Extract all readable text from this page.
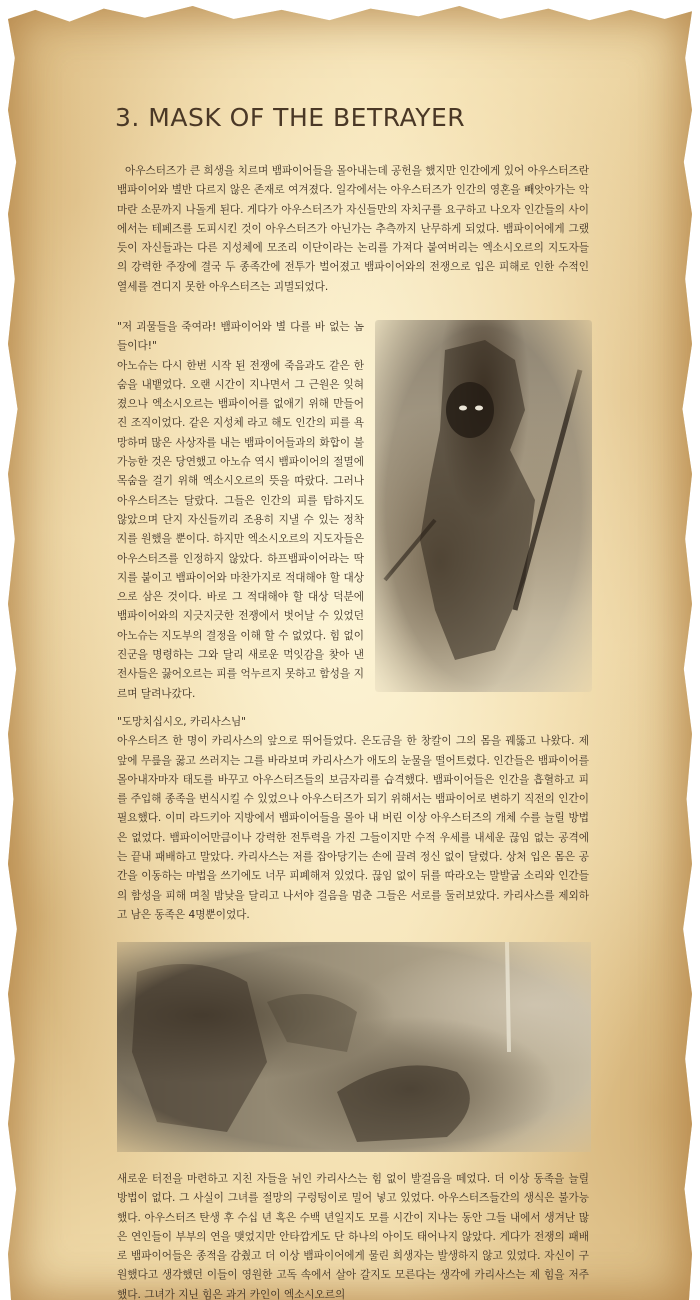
3. MASK OF THE BETRAYER

아우스터즈가 큰 희생을 치르며 뱀파이어들을 몰아내는데 공헌을 했지만 인간에게 있어 아우스터즈란 뱀파이어와 별반 다르지 않은 존재로 여겨졌다. 일각에서는 아우스터즈가 인간의 영혼을 빼앗아가는 악마란 소문까지 나돌게 된다. 게다가 아우스터즈가 자신들만의 자치구를 요구하고 나오자 인간들의 사이에서는 테페즈를 도피시킨 것이 아우스터즈가 아닌가는 추측까지 난무하게 되었다. 뱀파이어에게 그랬듯이 자신들과는 다른 지성체에 모조리 이단이라는 논리를 가져다 붙여버리는 엑소시오르의 지도자들의 강력한 주장에 결국 두 종족간에 전투가 벌어졌고 뱀파이어와의 전쟁으로 입은 피해로 인한 수적인 열세를 견디지 못한 아우스터즈는 괴멸되었다.

"저 괴물들을 죽여라! 뱀파이어와 별 다를 바 없는 놈들이다!"
아노슈는 다시 한번 시작 된 전쟁에 죽음과도 같은 한숨을 내뱉었다. 오랜 시간이 지나면서 그 근원은 잊혀졌으나 엑소시오르는 뱀파이어를 없애기 위해 만들어진 조직이었다. 같은 지성체 라고 해도 인간의 피를 욕망하며 많은 사상자를 내는 뱀파이어들과의 화합이 불가능한 것은 당연했고 아노슈 역시 뱀파이어의 절멸에 목숨을 걸기 위해 엑소시오르의 뜻을 따랐다. 그러나 아우스터즈는 달랐다. 그들은 인간의 피를 탐하지도 않았으며 단지 자신들끼리 조용히 지낼 수 있는 정착지를 원했을 뿐이다. 하지만 엑소시오르의 지도자들은 아우스터즈를 인정하지 않았다. 하프뱀파이어라는 딱지를 붙이고 뱀파이어와 마찬가지로 적대해야 할 대상으로 삼은 것이다. 바로 그 적대해야 할 대상 덕분에 뱀파이어와의 지긋지긋한 전쟁에서 벗어날 수 있었던 아노슈는 지도부의 결정을 이해 할 수 없었다. 힘 없이 진군을 명령하는 그와 달리 새로운 먹잇감을 찾아 낸 전사들은 끓어오르는 피를 억누르지 못하고 함성을 지르며 달려나갔다.
"도망치십시오, 카리사스님"
아우스터즈 한 명이 카리사스의 앞으로 뛰어들었다. 은도금을 한 창칼이 그의 몸을 꿰뚫고 나왔다. 제 앞에 무릎을 꿇고 쓰러지는 그를 바라보며 카리사스가 애도의 눈물을 떨어트렸다. 인간들은 뱀파이어를 몰아내자마자 태도를 바꾸고 아우스터즈들의 보금자리를 습격했다. 뱀파이어들은 인간을 흡혈하고 피를 주입해 종족을 번식시킬 수 있었으나 아우스터즈가 되기 위해서는 뱀파이어로 변하기 직전의 인간이 필요했다. 이미 라드키아 지방에서 뱀파이어들을 몰아 내 버린 이상 아우스터즈의 개체 수를 늘릴 방법은 없었다. 뱀파이어만큼이나 강력한 전투력을 가진 그들이지만 수적 우세를 내세운 끊임 없는 공격에는 끝내 패배하고 말았다. 카리사스는 저를 잡아당기는 손에 끌려 정신 없이 달렸다. 상처 입은 몸은 공간을 이동하는 마법을 쓰기에도 너무 피폐해져 있었다. 끊임 없이 뒤를 따라오는 말발굽 소리와 인간들의 함성을 피해 며칠 밤낮을 달리고 나서야 걸음을 멈춘 그들은 서로를 둘러보았다. 카리사스를 제외하고 남은 동족은 4명뿐이었다.

새로운 터전을 마련하고 지친 자들을 뉘인 카리사스는 힘 없이 발걸음을 떼었다. 더 이상 동족을 늘릴 방법이 없다. 그 사실이 그녀를 절망의 구렁텅이로 밀어 넣고 있었다. 아우스터즈들간의 생식은 불가능했다. 아우스터즈 탄생 후 수십 년 혹은 수백 년일지도 모를 시간이 지나는 동안 그들 내에서 생겨난 많은 연인들이 부부의 연을 맺었지만 안타깝게도 단 하나의 아이도 태어나지 않았다. 게다가 전쟁의 패배로 뱀파이어들은 종적을 감췄고 더 이상 뱀파이어에게 물린 희생자는 발생하지 않고 있었다. 자신이 구원했다고 생각했던 이들이 영원한 고독 속에서 살아 갈지도 모른다는 생각에 카리사스는 제 힘을 저주했다. 그녀가 지닌 힘은 과거 카인이 엑소시오르의
